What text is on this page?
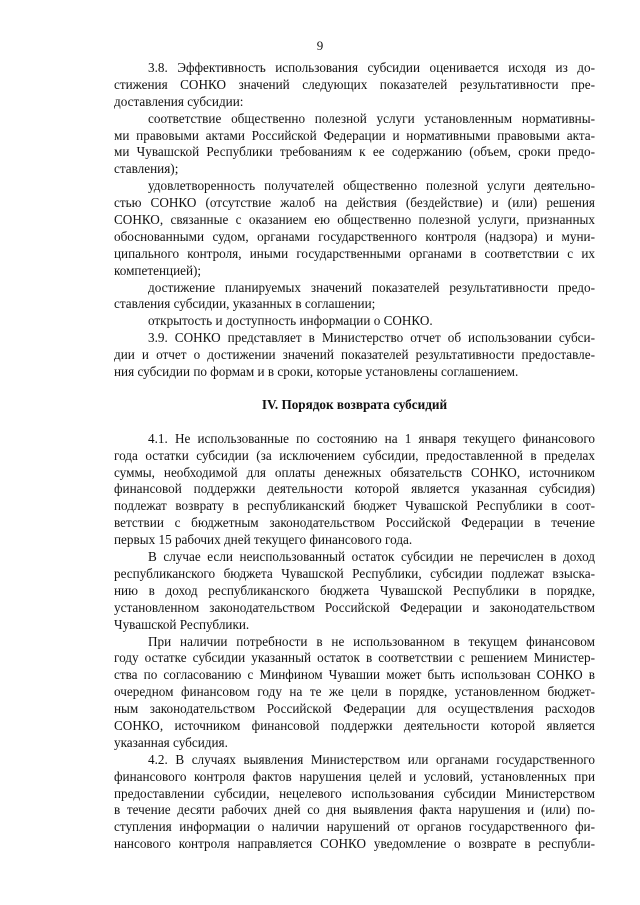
9
3.8. Эффективность использования субсидии оценивается исходя из до-
стижения СОНКО значений следующих показателей результативности пре-
доставления субсидии:
соответствие общественно полезной услуги установленным нормативны-
ми правовыми актами Российской Федерации и нормативными правовыми акта-
ми Чувашской Республики требованиям к ее содержанию (объем, сроки предо-
ставления);
удовлетворенность получателей общественно полезной услуги деятельно-
стью СОНКО (отсутствие жалоб на действия (бездействие) и (или) решения
СОНКО, связанные с оказанием ею общественно полезной услуги, признанных
обоснованными судом, органами государственного контроля (надзора) и муни-
ципального контроля, иными государственными органами в соответствии с их
компетенцией);
достижение планируемых значений показателей результативности предо-
ставления субсидии, указанных в соглашении;
открытость и доступность информации о СОНКО.
3.9. СОНКО представляет в Министерство отчет об использовании субси-
дии и отчет о достижении значений показателей результативности предоставле-
ния субсидии по формам и в сроки, которые установлены соглашением.
IV. Порядок возврата субсидий
4.1. Не использованные по состоянию на 1 января текущего финансового
года остатки субсидии (за исключением субсидии, предоставленной в пределах
суммы, необходимой для оплаты денежных обязательств СОНКО, источником
финансовой поддержки деятельности которой является указанная субсидия)
подлежат возврату в республиканский бюджет Чувашской Республики в соот-
ветствии с бюджетным законодательством Российской Федерации в течение
первых 15 рабочих дней текущего финансового года.
В случае если неиспользованный остаток субсидии не перечислен в доход
республиканского бюджета Чувашской Республики, субсидии подлежат взыска-
нию в доход республиканского бюджета Чувашской Республики в порядке,
установленном законодательством Российской Федерации и законодательством
Чувашской Республики.
При наличии потребности в не использованном в текущем финансовом
году остатке субсидии указанный остаток в соответствии с решением Министер-
ства по согласованию с Минфином Чувашии может быть использован СОНКО в
очередном финансовом году на те же цели в порядке, установленном бюджет-
ным законодательством Российской Федерации для осуществления расходов
СОНКО, источником финансовой поддержки деятельности которой является
указанная субсидия.
4.2. В случаях выявления Министерством или органами государственного
финансового контроля фактов нарушения целей и условий, установленных при
предоставлении субсидии, нецелевого использования субсидии Министерством
в течение десяти рабочих дней со дня выявления факта нарушения и (или) по-
ступления информации о наличии нарушений от органов государственного фи-
нансового контроля направляется СОНКО уведомление о возврате в республи-
